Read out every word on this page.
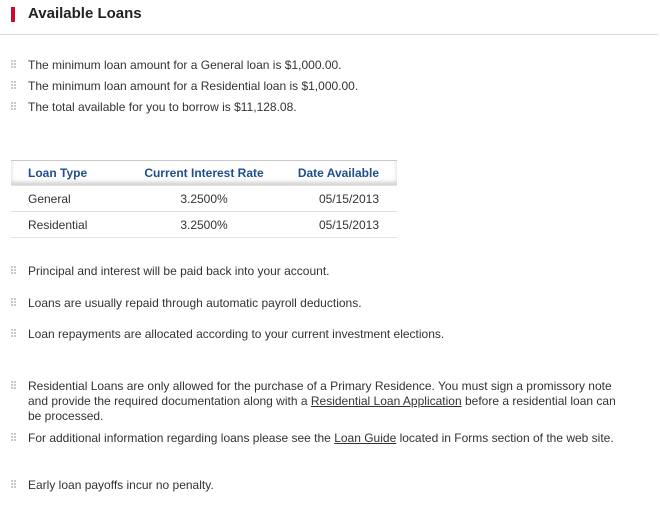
Available Loans
The minimum loan amount for a General loan is $1,000.00.
The minimum loan amount for a Residential loan is $1,000.00.
The total available for you to borrow is $11,128.08.
Loan Type	Current Interest Rate	Date Available
General	3.2500%	05/15/2013
Residential	3.2500%	05/15/2013
Principal and interest will be paid back into your account.
Loans are usually repaid through automatic payroll deductions.
Loan repayments are allocated according to your current investment elections.
Residential Loans are only allowed for the purchase of a Primary Residence. You must sign a promissory note and provide the required documentation along with a Residential Loan Application before a residential loan can be processed.
For additional information regarding loans please see the Loan Guide located in Forms section of the web site.
Early loan payoffs incur no penalty.
